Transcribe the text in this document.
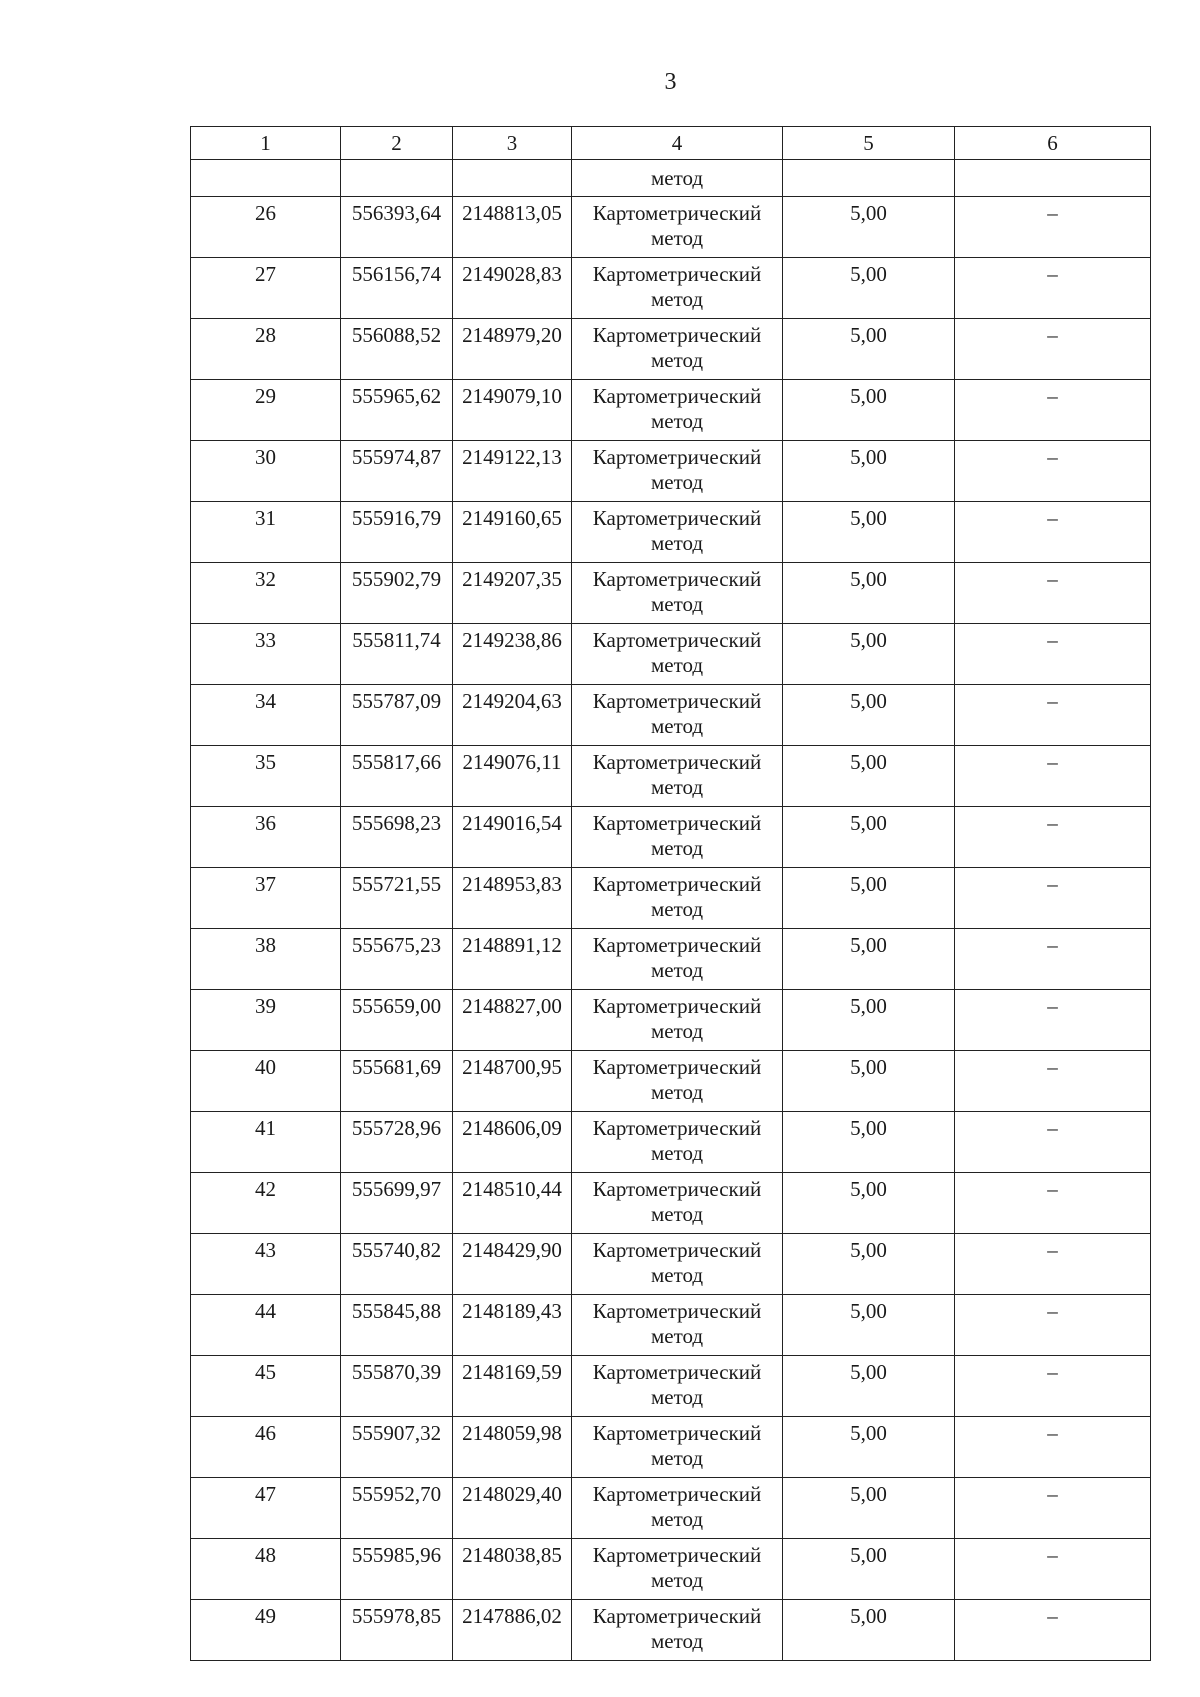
3
1	2	3	4	5	6
			метод		
26	556393,64	2148813,05	Картометрический
метод	5,00	–
27	556156,74	2149028,83	Картометрический
метод	5,00	–
28	556088,52	2148979,20	Картометрический
метод	5,00	–
29	555965,62	2149079,10	Картометрический
метод	5,00	–
30	555974,87	2149122,13	Картометрический
метод	5,00	–
31	555916,79	2149160,65	Картометрический
метод	5,00	–
32	555902,79	2149207,35	Картометрический
метод	5,00	–
33	555811,74	2149238,86	Картометрический
метод	5,00	–
34	555787,09	2149204,63	Картометрический
метод	5,00	–
35	555817,66	2149076,11	Картометрический
метод	5,00	–
36	555698,23	2149016,54	Картометрический
метод	5,00	–
37	555721,55	2148953,83	Картометрический
метод	5,00	–
38	555675,23	2148891,12	Картометрический
метод	5,00	–
39	555659,00	2148827,00	Картометрический
метод	5,00	–
40	555681,69	2148700,95	Картометрический
метод	5,00	–
41	555728,96	2148606,09	Картометрический
метод	5,00	–
42	555699,97	2148510,44	Картометрический
метод	5,00	–
43	555740,82	2148429,90	Картометрический
метод	5,00	–
44	555845,88	2148189,43	Картометрический
метод	5,00	–
45	555870,39	2148169,59	Картометрический
метод	5,00	–
46	555907,32	2148059,98	Картометрический
метод	5,00	–
47	555952,70	2148029,40	Картометрический
метод	5,00	–
48	555985,96	2148038,85	Картометрический
метод	5,00	–
49	555978,85	2147886,02	Картометрический
метод	5,00	–
